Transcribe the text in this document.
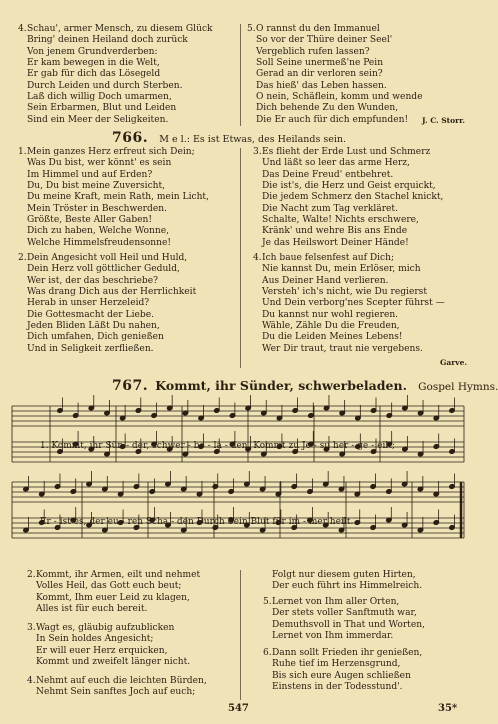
4. Schau', armer Mensch, zu diesem Glück
Bring' deinen Heiland doch zurück
Von jenem Grundverderben:
Er kam bewegen in die Welt,
Er gab für dich das Lösegeld
Durch Leiden und durch Sterben.
Laß dich willig Doch umarmen,
Sein Erbarmen, Blut und Leiden
Sind ein Meer der Seligkeiten.
5. O rannst du den Immanuel
So vor der Thüre deiner Seel'
Vergeblich rufen lassen?
Soll Seine unermeß'ne Pein
Gerad an dir verloren sein?
Das hieß' das Leben hassen.
O nein, Schäflein, komm und wende
Dich behende Zu den Wunden,
Die Er auch für dich empfunden!	J. C. Storr.
766. M e l.: Es ist Etwas, des Heilands sein.
1. Mein ganzes Herz erfreut sich Dein;
Was Du bist, wer könnt' es sein
Im Himmel und auf Erden?
Du, Du bist meine Zuversicht,
Du meine Kraft, mein Rath, mein Licht,
Mein Tröster in Beschwerden.
Größte, Beste Aller Gaben!
Dich zu haben, Welche Wonne,
Welche Himmelsfreudensonne!
2. Dein Angesicht voll Heil und Huld,
Dein Herz voll göttlicher Geduld,
Wer ist, der das beschriebe?
Was drang Dich aus der Herrlichkeit
Herab in unser Herzeleid?
Die Gottesmacht der Liebe.
Jeden Bliden Läßt Du nahen,
Dich umfahen, Dich genießen
Und in Seligkeit zerfließen.
3. Es flieht der Erde Lust und Schmerz
Und läßt so leer das arme Herz,
Das Deine Freud' entbehret.
Die ist's, die Herz und Geist erquickt,
Die jedem Schmerz den Stachel knickt,
Die Nacht zum Tag verkläret.
Schalte, Walte! Nichts erschwere,
Kränk' und wehre Bis ans Ende
Je das Heilswort Deiner Hände!
4. Ich baue felsenfest auf Dich;
Nie kannst Du, mein Erlöser, mich
Aus Deiner Hand verlieren.
Versteh' ich's nicht, wie Du regierst
Und Dein verborg'nes Scepter führst —
Du kannst nur wohl regieren.
Wähle, Zähle Du die Freuden,
Du die Leiden Meines Lebens!
Wer Dir traut, traut nie vergebens.
Garve.
767. Kommt, ihr Sünder, schwerbeladen. Gospel Hymns.
1. Kommt, ihr Sün - der, schwer - be - la - den, Kommt zu Je - su her - ge - eilt;
Er - ist es, der eu - ren Scha - den Durch Sein Blut für im - mer heilt.
2. Kommt, ihr Armen, eilt und nehmet
Volles Heil, das Gott euch beut;
Kommt, Ihm euer Leid zu klagen,
Alles ist für euch bereit.
3. Wagt es, gläubig aufzublicken
In Sein holdes Angesicht;
Er will euer Herz erquicken,
Kommt und zweifelt länger nicht.
4. Nehmt auf euch die leichten Bürden,
Nehmt Sein sanftes Joch auf euch;
Folgt nur diesem guten Hirten,
Der euch führt ins Himmelreich.
5. Lernet von Ihm aller Orten,
Der stets voller Sanftmuth war,
Demuthsvoll in That und Worten,
Lernet von Ihm immerdar.
6. Dann sollt Frieden ihr genießen,
Ruhe tief im Herzensgrund,
Bis sich eure Augen schließen
Einstens in der Todesstund'.
547	35*
